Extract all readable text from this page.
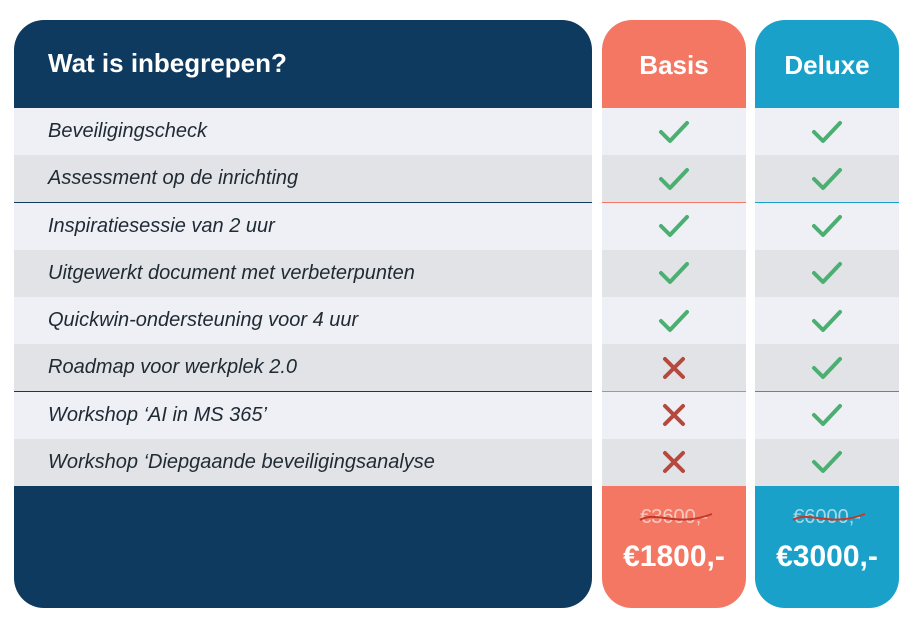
Wat is inbegrepen?	Basis	Deluxe
Beveiligingscheck
Assessment op de inrichting
Inspiratiesessie van 2 uur
Uitgewerkt document met verbeterpunten
Quickwin-ondersteuning voor 4 uur
Roadmap voor werkplek 2.0
Workshop ‘AI in MS 365’
Workshop ‘Diepgaande beveiligingsanalyse
€3600,-
€1800,-
€6000,-
€3000,-
